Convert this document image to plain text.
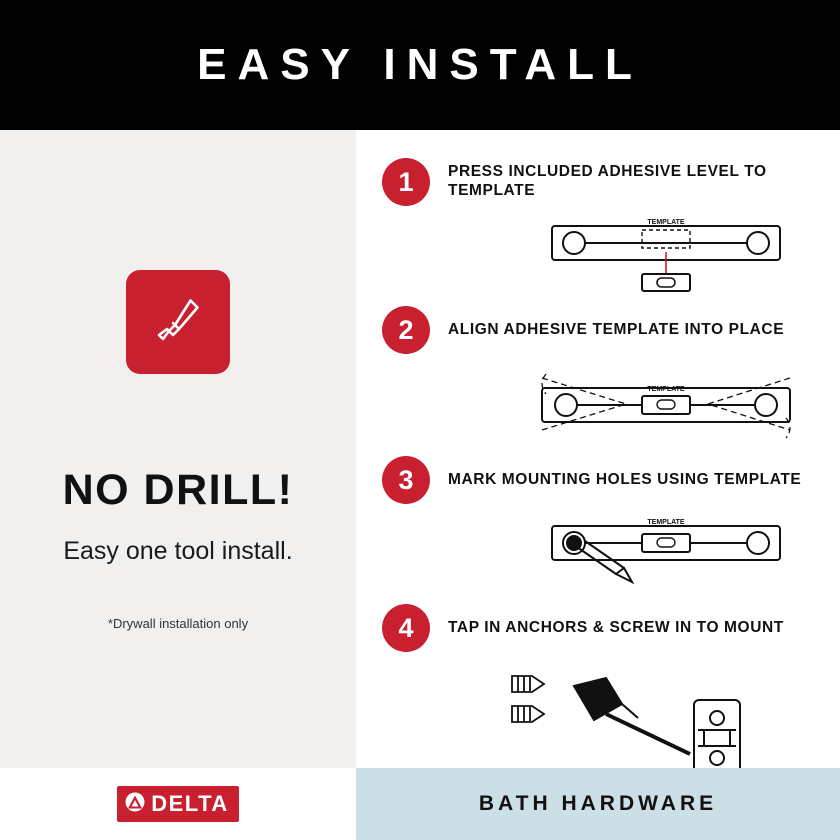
EASY INSTALL
NO DRILL!
Easy one tool install.
*Drywall installation only
1	PRESS INCLUDED ADHESIVE LEVEL TO TEMPLATE
TEMPLATE
2	ALIGN ADHESIVE TEMPLATE INTO PLACE
TEMPLATE
3	MARK MOUNTING HOLES USING TEMPLATE
TEMPLATE
4	TAP IN ANCHORS & SCREW IN TO MOUNT
DELTA	BATH HARDWARE
